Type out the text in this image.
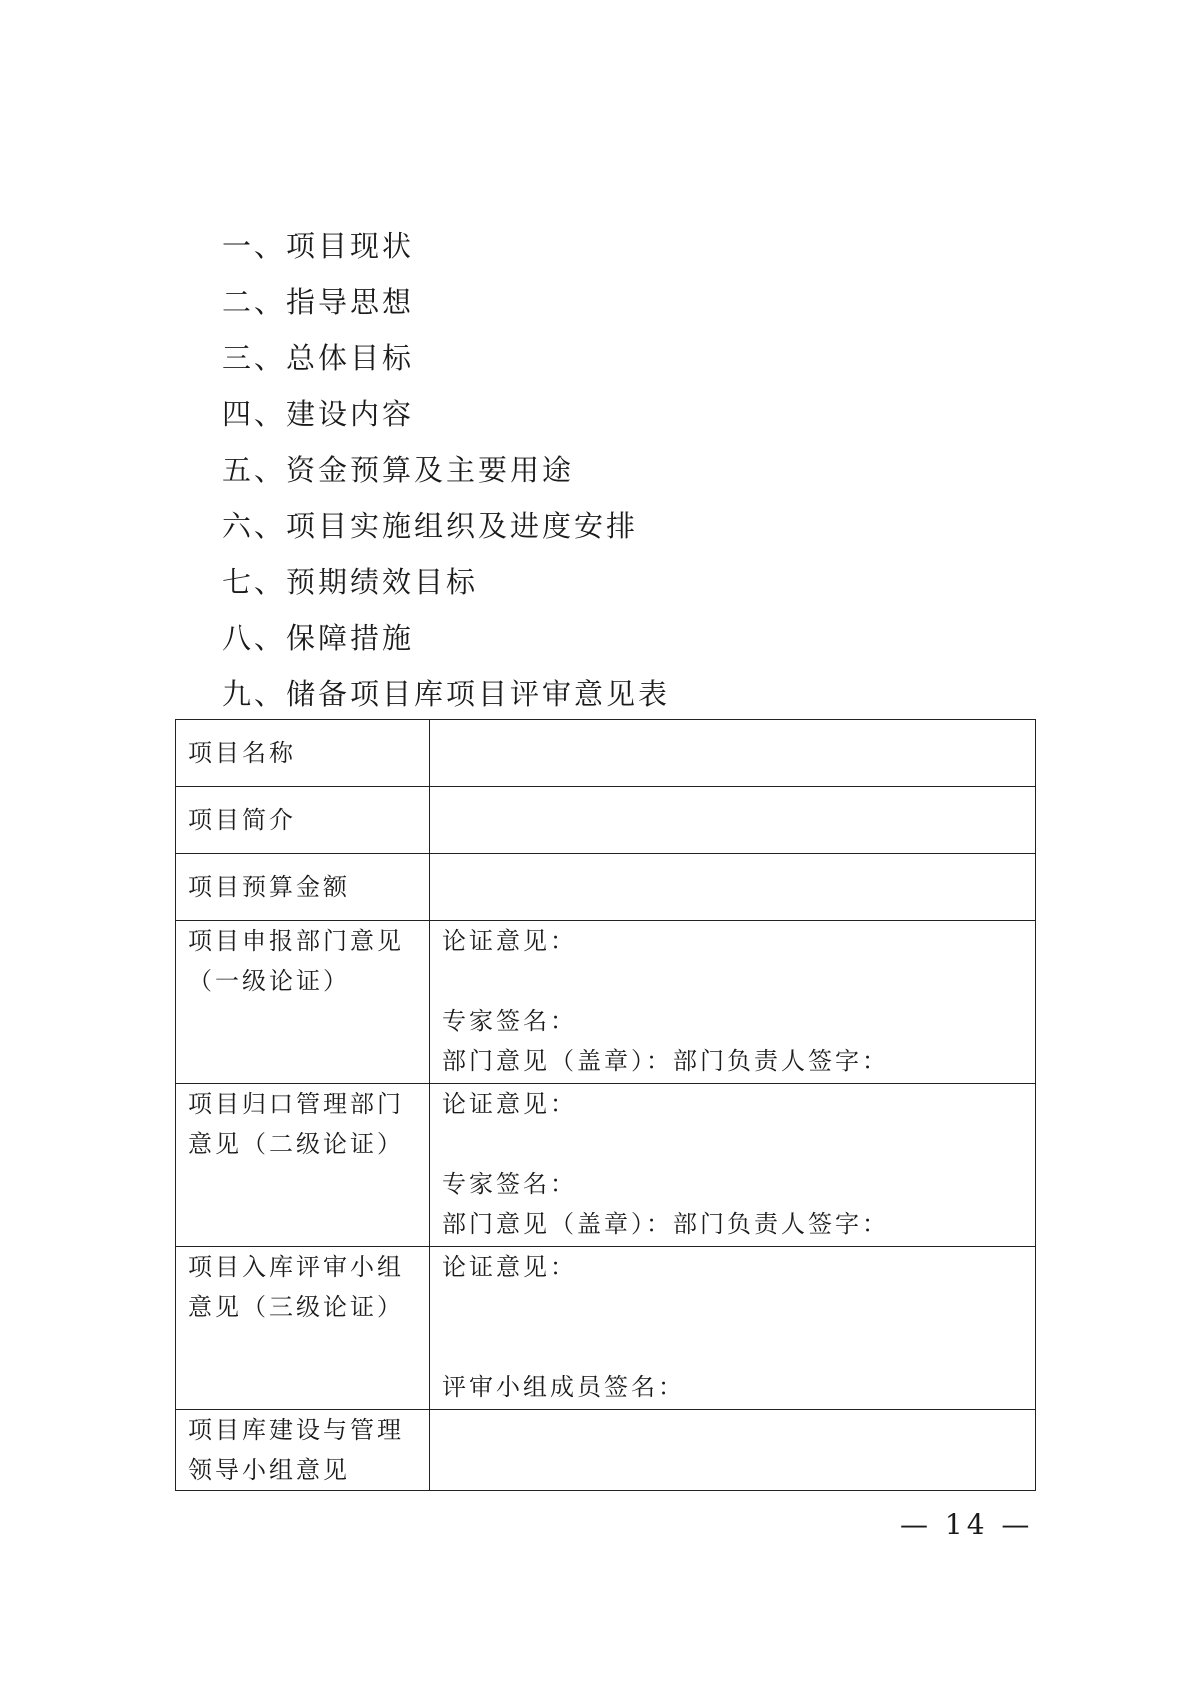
一、项目现状
二、指导思想
三、总体目标
四、建设内容
五、资金预算及主要用途
六、项目实施组织及进度安排
七、预期绩效目标
八、保障措施
九、储备项目库项目评审意见表
项目名称	

项目简介	

项目预算金额	

项目申报部门意见
（一级论证）	论证意见：
专家签名：
部门意见（盖章）：部门负责人签字：

项目归口管理部门
意见（二级论证）	论证意见：
专家签名：
部门意见（盖章）：部门负责人签字：

项目入库评审小组
意见（三级论证）	论证意见：
评审小组成员签名：

项目库建设与管理
领导小组意见	

— 14 —
